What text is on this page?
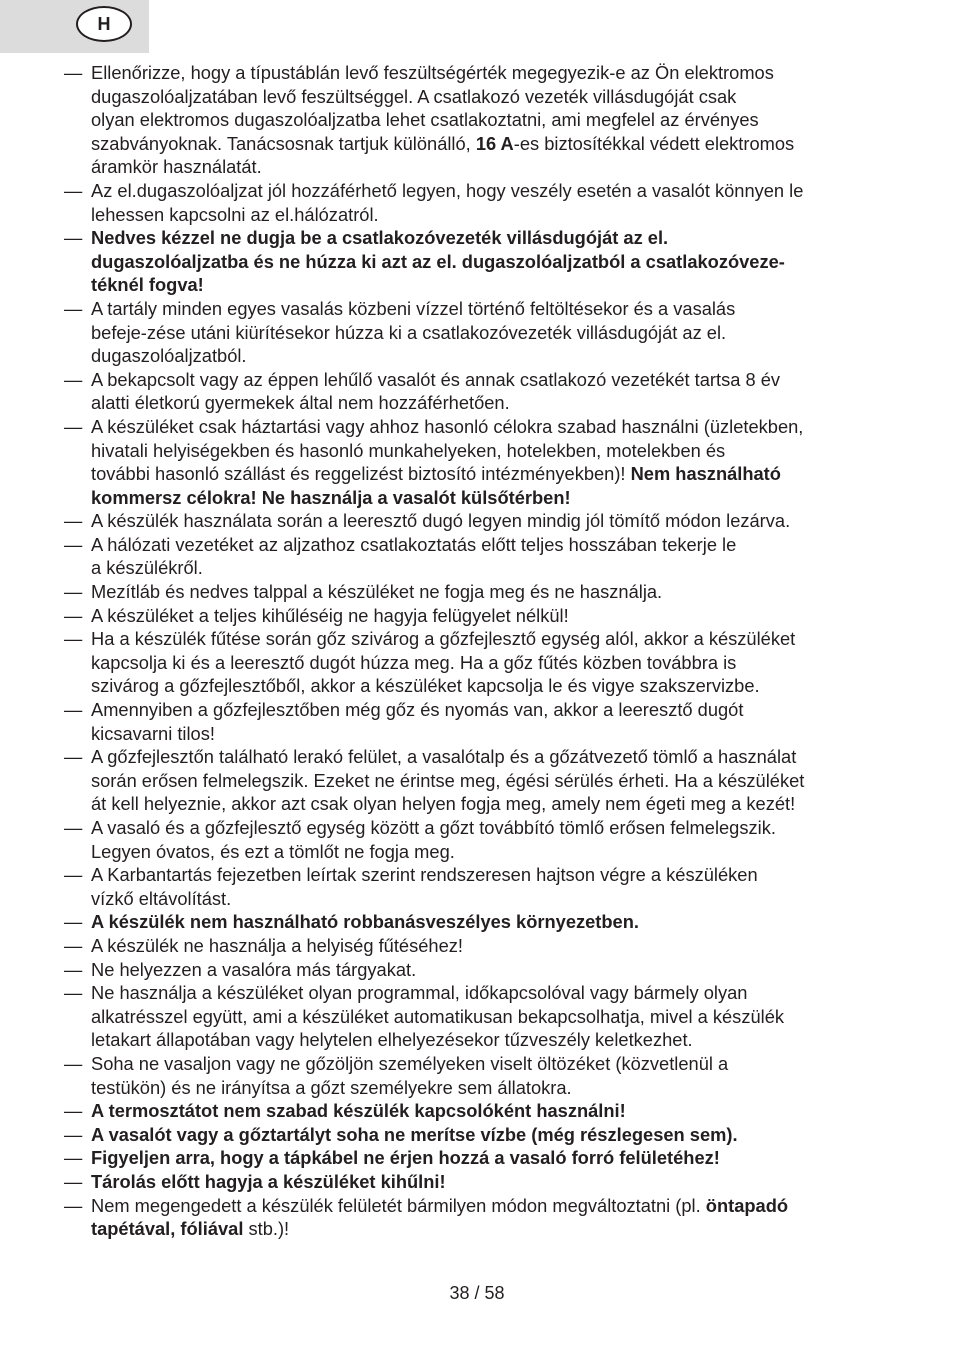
H
— Ellenőrizze, hogy a típustáblán levő feszültségérték megegyezik-e az Ön elektromos
dugaszolóaljzatában levő feszültséggel. A csatlakozó vezeték villásdugóját csak
olyan elektromos dugaszolóaljzatba lehet csatlakoztatni, ami megfelel az érvényes
szabványoknak. Tanácsosnak tartjuk különálló, 16 A-es biztosítékkal védett elektromos
áramkör használatát.
— Az el.dugaszolóaljzat jól hozzáférhető legyen, hogy veszély esetén a vasalót könnyen le
lehessen kapcsolni az el.hálózatról.
— Nedves kézzel ne dugja be a csatlakozóvezeték villásdugóját az el.
dugaszolóaljzatba és ne húzza ki azt az el. dugaszolóaljzatból a csatlakozóveze-
téknél fogva!
— A tartály minden egyes vasalás közbeni vízzel történő feltöltésekor és a vasalás
befeje-zése utáni kiürítésekor húzza ki a csatlakozóvezeték villásdugóját az el.
dugaszolóaljzatból.
— A bekapcsolt vagy az éppen lehűlő vasalót és annak csatlakozó vezetékét tartsa 8 év
alatti életkorú gyermekek által nem hozzáférhetően.
— A készüléket csak háztartási vagy ahhoz hasonló célokra szabad használni (üzletekben,
hivatali helyiségekben és hasonló munkahelyeken, hotelekben, motelekben és
további hasonló szállást és reggelizést biztosító intézményekben)! Nem használható
kommersz célokra! Ne használja a vasalót külsőtérben!
— A készülék használata során a leeresztő dugó legyen mindig jól tömítő módon lezárva.
— A hálózati vezetéket az aljzathoz csatlakoztatás előtt teljes hosszában tekerje le
a készülékről.
— Mezítláb és nedves talppal a készüléket ne fogja meg és ne használja.
— A készüléket a teljes kihűléséig ne hagyja felügyelet nélkül!
— Ha a készülék fűtése során gőz szivárog a gőzfejlesztő egység alól, akkor a készüléket
kapcsolja ki és a leeresztő dugót húzza meg. Ha a gőz fűtés közben továbbra is
szivárog a gőzfejlesztőből, akkor a készüléket kapcsolja le és vigye szakszervizbe.
— Amennyiben a gőzfejlesztőben még gőz és nyomás van, akkor a leeresztő dugót
kicsavarni tilos!
— A gőzfejlesztőn található lerakó felület, a vasalótalp és a gőzátvezető tömlő a használat
során erősen felmelegszik. Ezeket ne érintse meg, égési sérülés érheti. Ha a készüléket
át kell helyeznie, akkor azt csak olyan helyen fogja meg, amely nem égeti meg a kezét!
— A vasaló és a gőzfejlesztő egység között a gőzt továbbító tömlő erősen felmelegszik.
Legyen óvatos, és ezt a tömlőt ne fogja meg.
— A Karbantartás fejezetben leírtak szerint rendszeresen hajtson végre a készüléken
vízkő eltávolítást.
— A készülék nem használható robbanásveszélyes környezetben.
— A készülék ne használja a helyiség fűtéséhez!
— Ne helyezzen a vasalóra más tárgyakat.
— Ne használja a készüléket olyan programmal, időkapcsolóval vagy bármely olyan
alkatrésszel együtt, ami a készüléket automatikusan bekapcsolhatja, mivel a készülék
letakart állapotában vagy helytelen elhelyezésekor tűzveszély keletkezhet.
— Soha ne vasaljon vagy ne gőzöljön személyeken viselt öltözéket (közvetlenül a
testükön) és ne irányítsa a gőzt személyekre sem állatokra.
— A termosztátot nem szabad készülék kapcsolóként használni!
— A vasalót vagy a gőztartályt soha ne merítse vízbe (még részlegesen sem).
— Figyeljen arra, hogy a tápkábel ne érjen hozzá a vasaló forró felületéhez!
— Tárolás előtt hagyja a készüléket kihűlni!
— Nem megengedett a készülék felületét bármilyen módon megváltoztatni (pl. öntapadó
tapétával, fóliával stb.)!
38 / 58
